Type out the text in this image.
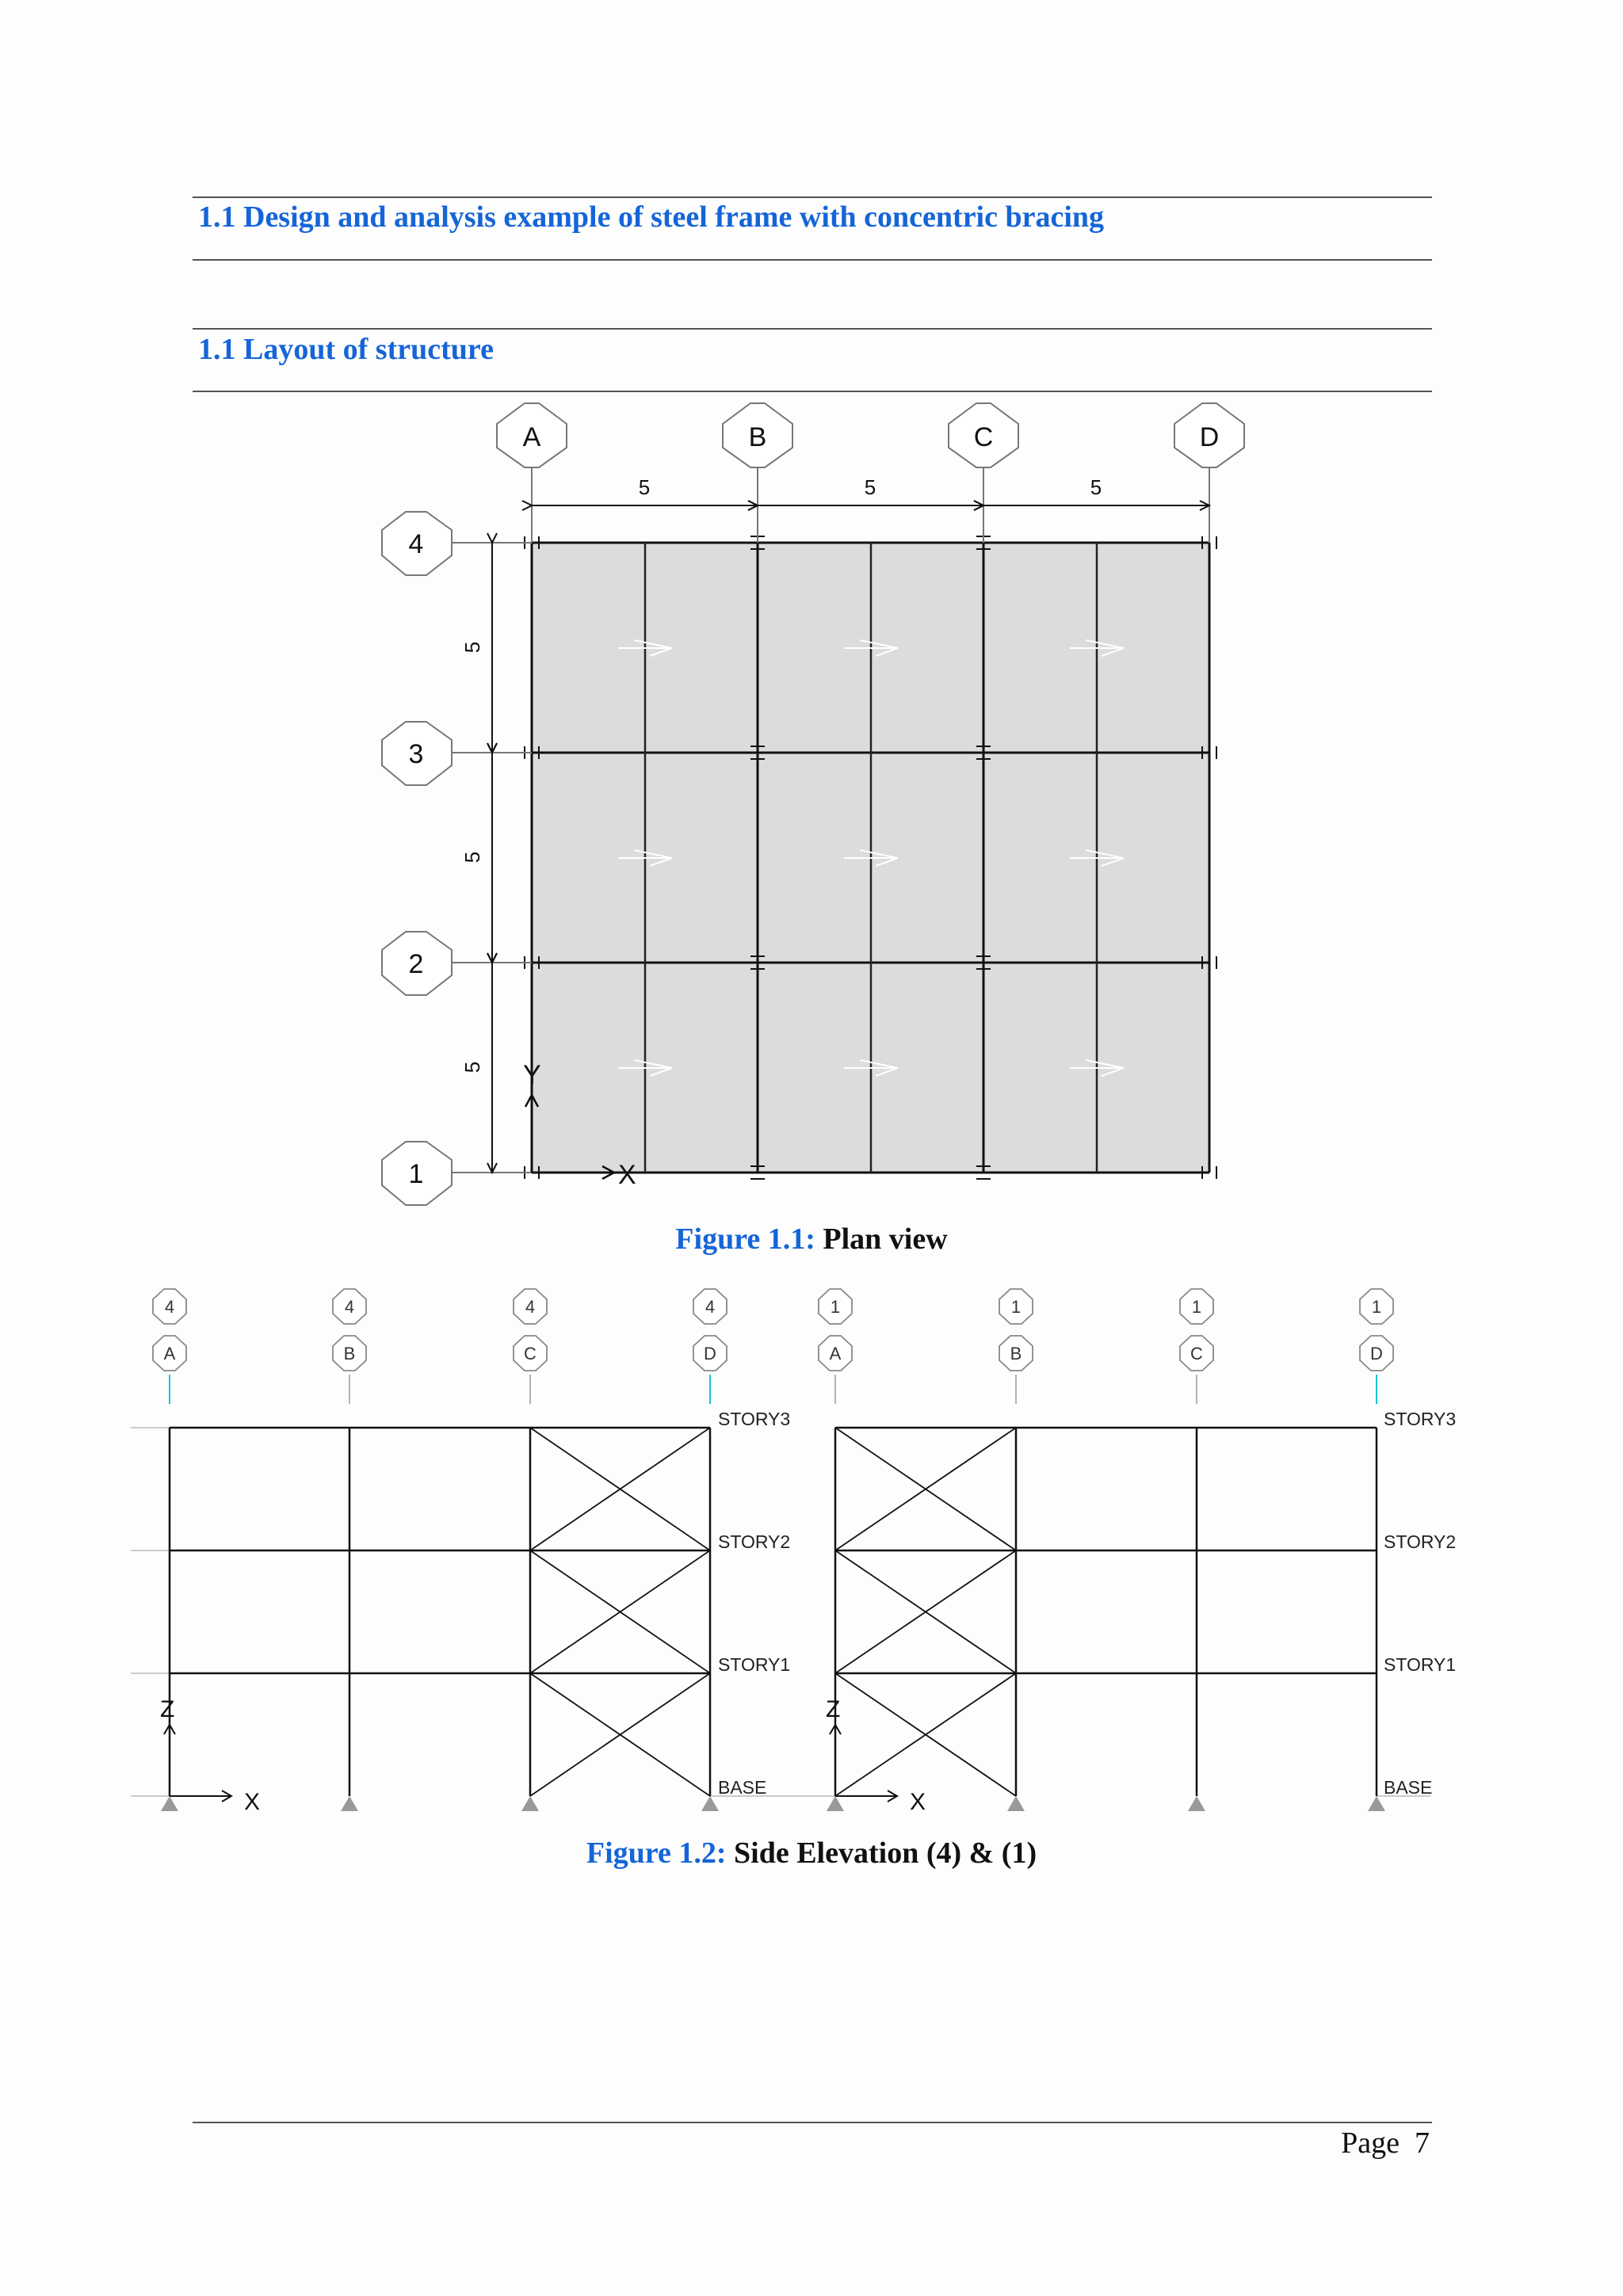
1.1 Design and analysis example of steel frame with concentric bracing
1.1 Layout of structure
A	B	C	D
4
3
2
1
5	5	5
5
5
5
X
Y
Figure 1.1: Plan view
4	4	4	4
A	B	C	D
X
Z
STORY3
STORY2
STORY1
BASE
1	1	1	1
A	B	C	D
X
Z
STORY3
STORY2
STORY1
BASE
Figure 1.2: Side Elevation (4) & (1)
Page 7
